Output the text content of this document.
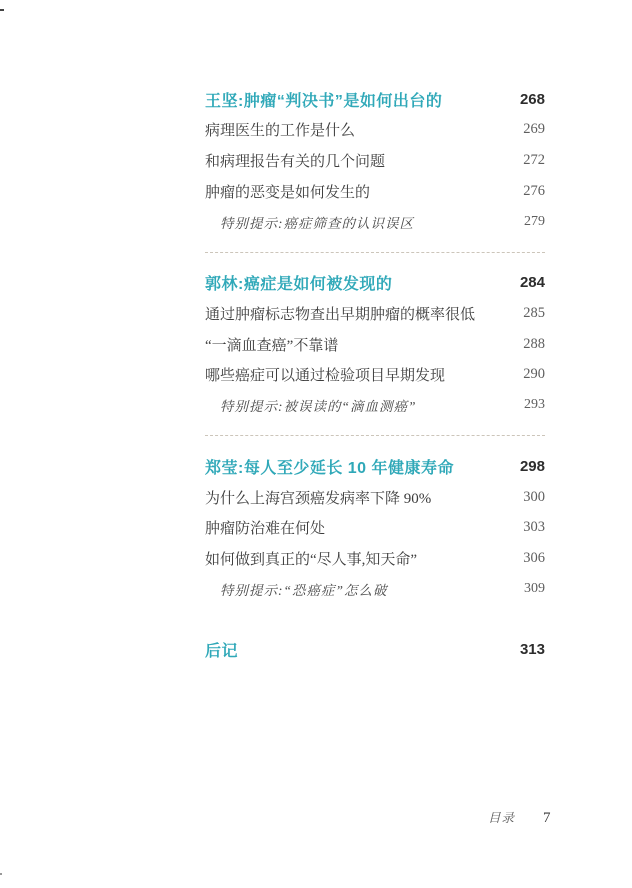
王坚:肿瘤“判决书”是如何出台的	268
病理医生的工作是什么	269
和病理报告有关的几个问题	272
肿瘤的恶变是如何发生的	276
特别提示:癌症筛查的认识误区	279
郭林:癌症是如何被发现的	284
通过肿瘤标志物查出早期肿瘤的概率很低	285
“一滴血查癌”不靠谱	288
哪些癌症可以通过检验项目早期发现	290
特别提示:被误读的“滴血测癌”	293
郑莹:每人至少延长 10 年健康寿命	298
为什么上海宫颈癌发病率下降 90%	300
肿瘤防治难在何处	303
如何做到真正的“尽人事,知天命”	306
特别提示:“恐癌症”怎么破	309
后记	313
目录 7
